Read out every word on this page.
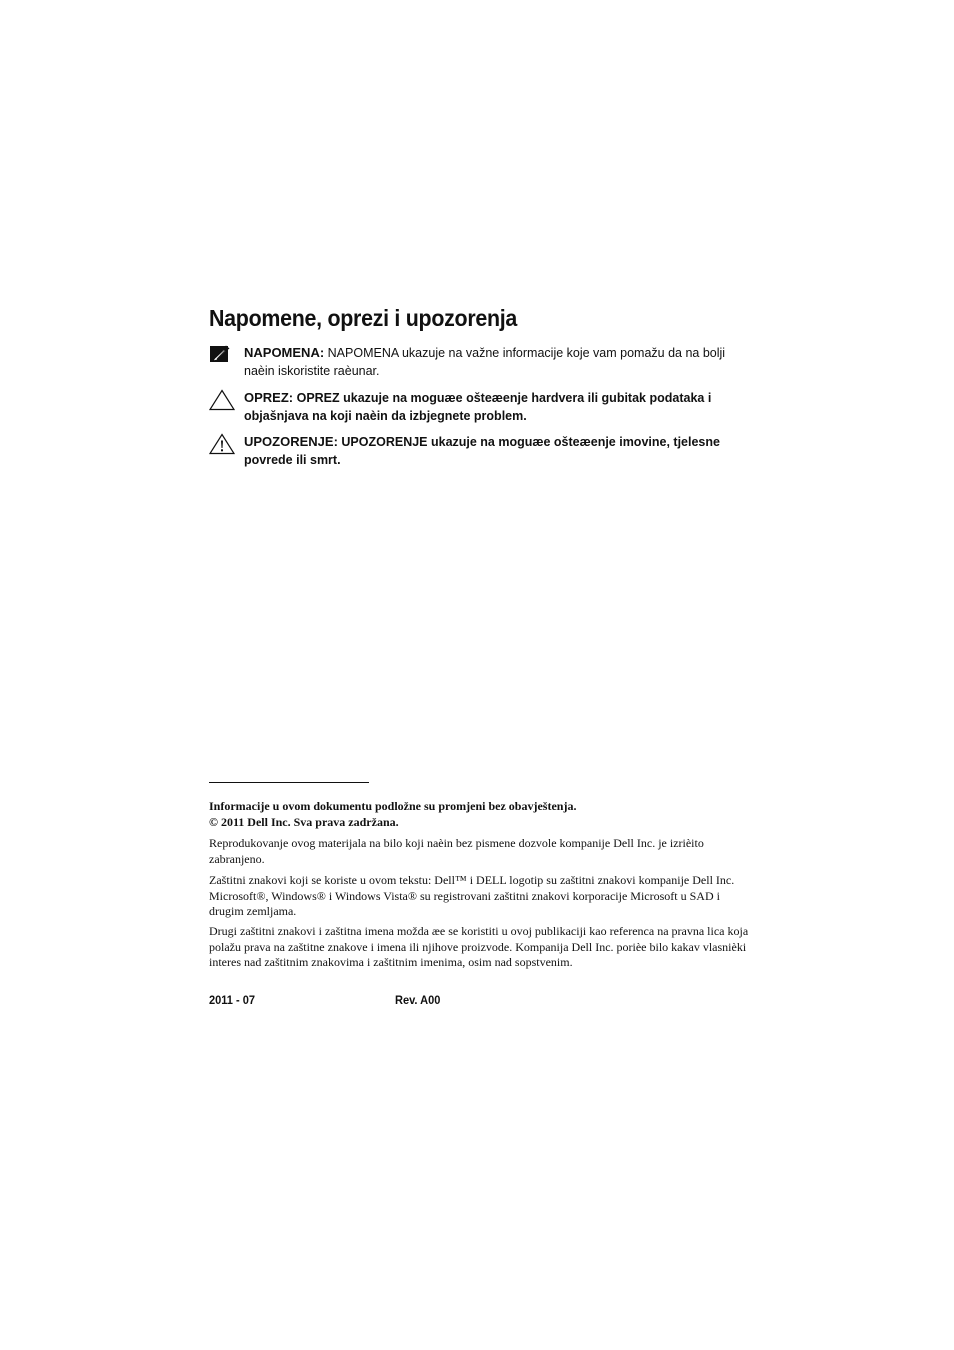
Napomene, oprezi i upozorenja
NAPOMENA: NAPOMENA ukazuje na važne informacije koje vam pomažu da na bolji naèin iskoristite raèunar.
OPREZ: OPREZ ukazuje na moguæe ošteæenje hardvera ili gubitak podataka i objašnjava na koji naèin da izbjegnete problem.
UPOZORENJE: UPOZORENJE ukazuje na moguæe ošteæenje imovine, tjelesne povrede ili smrt.
Informacije u ovom dokumentu podložne su promjeni bez obavještenja.
© 2011 Dell Inc. Sva prava zadržana.

Reprodukovanje ovog materijala na bilo koji naèin bez pismene dozvole kompanije Dell Inc. je izrièito zabranjeno.

Zaštitni znakovi koji se koriste u ovom tekstu: Dell™ i DELL logotip su zaštitni znakovi kompanije Dell Inc. Microsoft®, Windows® i Windows Vista® su registrovani zaštitni znakovi korporacije Microsoft u SAD i drugim zemljama.

Drugi zaštitni znakovi i zaštitna imena možda æe se koristiti u ovoj publikaciji kao referenca na pravna lica koja polažu prava na zaštitne znakove i imena ili njihove proizvode. Kompanija Dell Inc. porièe bilo kakav vlasnièki interes nad zaštitnim znakovima i zaštitnim imenima, osim nad sopstvenim.

2011 - 07	Rev. A00
